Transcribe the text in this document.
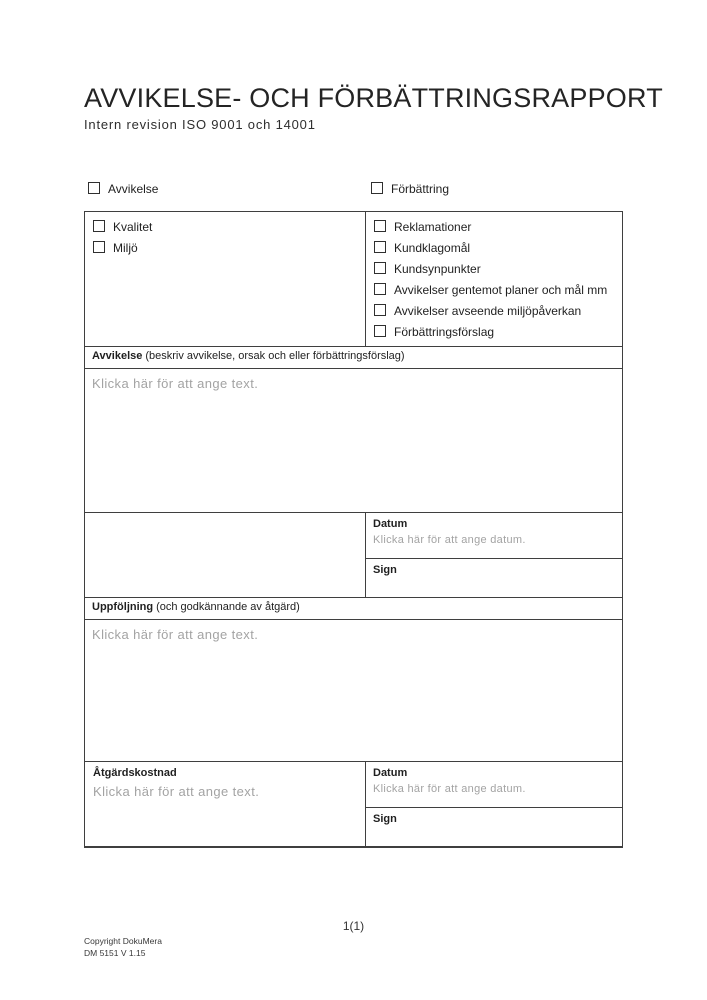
AVVIKELSE- OCH FÖRBÄTTRINGSRAPPORT
Intern revision ISO 9001 och 14001
Avvikelse	Förbättring
Kvalitet
Miljö
Reklamationer
Kundklagomål
Kundsynpunkter
Avvikelser gentemot planer och mål mm
Avvikelser avseende miljöpåverkan
Förbättringsförslag
Avvikelse (beskriv avvikelse, orsak och eller förbättringsförslag)
Klicka här för att ange text.
Datum
Klicka här för att ange datum.
Sign
Uppföljning (och godkännande av åtgärd)
Klicka här för att ange text.
Åtgärdskostnad
Klicka här för att ange text.
Datum
Klicka här för att ange datum.
Sign
1(1)
Copyright DokuMera
DM 5151 V 1.15
